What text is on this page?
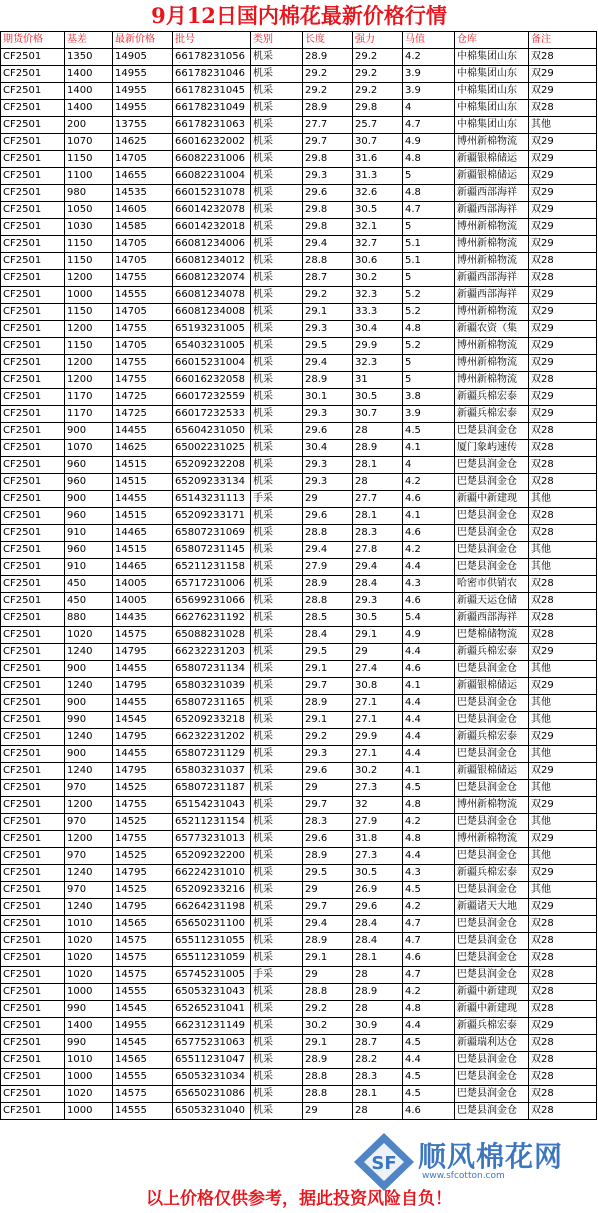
9月12日国内棉花最新价格行情
期货价格	基差	最新价格	批号	类别	长度	强力	马值	仓库	备注
CF2501	1350	14905	66178231056	机采	28.9	29.2	4.2	中棉集团山东	双28
CF2501	1400	14955	66178231046	机采	29.2	29.2	3.9	中棉集团山东	双29
CF2501	1400	14955	66178231045	机采	29.2	29.2	3.9	中棉集团山东	双29
CF2501	1400	14955	66178231049	机采	28.9	29.8	4	中棉集团山东	双28
CF2501	200	13755	66178231063	机采	27.7	25.7	4.7	中棉集团山东	其他
CF2501	1070	14625	66016232002	机采	29.7	30.7	4.9	博州新棉物流	双29
CF2501	1150	14705	66082231006	机采	29.8	31.6	4.8	新疆银棉储运	双29
CF2501	1100	14655	66082231004	机采	29.3	31.3	5	新疆银棉储运	双29
CF2501	980	14535	66015231078	机采	29.6	32.6	4.8	新疆西部海祥	双29
CF2501	1050	14605	66014232078	机采	29.8	30.5	4.7	新疆西部海祥	双29
CF2501	1030	14585	66014232018	机采	29.8	32.1	5	博州新棉物流	双29
CF2501	1150	14705	66081234006	机采	29.4	32.7	5.1	博州新棉物流	双29
CF2501	1150	14705	66081234012	机采	28.8	30.6	5.1	博州新棉物流	双28
CF2501	1200	14755	66081232074	机采	28.7	30.2	5	新疆西部海祥	双28
CF2501	1000	14555	66081234078	机采	29.2	32.3	5.2	新疆西部海祥	双29
CF2501	1150	14705	66081234008	机采	29.1	33.3	5.2	博州新棉物流	双29
CF2501	1200	14755	65193231005	机采	29.3	30.4	4.8	新疆农资（集	双29
CF2501	1150	14705	65403231005	机采	29.5	29.9	5.2	博州新棉物流	双29
CF2501	1200	14755	66015231004	机采	29.4	32.3	5	博州新棉物流	双29
CF2501	1200	14755	66016232058	机采	28.9	31	5	博州新棉物流	双28
CF2501	1170	14725	66017232559	机采	30.1	30.5	3.8	新疆兵棉宏泰	双29
CF2501	1170	14725	66017232533	机采	29.3	30.7	3.9	新疆兵棉宏泰	双29
CF2501	900	14455	65604231050	机采	29.6	28	4.5	巴楚县润金仓	双28
CF2501	1070	14625	65002231025	机采	30.4	28.9	4.1	厦门象屿速传	双28
CF2501	960	14515	65209232208	机采	29.3	28.1	4	巴楚县润金仓	双28
CF2501	960	14515	65209233134	机采	29.3	28	4.2	巴楚县润金仓	双28
CF2501	900	14455	65143231113	手采	29	27.7	4.6	新疆中新建现	其他
CF2501	960	14515	65209233171	机采	29.6	28.1	4.1	巴楚县润金仓	双28
CF2501	910	14465	65807231069	机采	28.8	28.3	4.6	巴楚县润金仓	双28
CF2501	960	14515	65807231145	机采	29.4	27.8	4.2	巴楚县润金仓	其他
CF2501	910	14465	65211231158	机采	27.9	29.4	4.4	巴楚县润金仓	其他
CF2501	450	14005	65717231006	机采	28.9	28.4	4.3	哈密市供销农	双28
CF2501	450	14005	65699231066	机采	28.8	29.3	4.6	新疆天运仓储	双28
CF2501	880	14435	66276231192	机采	28.5	30.5	5.4	新疆西部海祥	双28
CF2501	1020	14575	65088231028	机采	28.4	29.1	4.9	巴楚棉储物流	双28
CF2501	1240	14795	66232231203	机采	29.5	29	4.4	新疆兵棉宏泰	双29
CF2501	900	14455	65807231134	机采	29.1	27.4	4.6	巴楚县润金仓	其他
CF2501	1240	14795	65803231039	机采	29.7	30.8	4.1	新疆银棉储运	双29
CF2501	900	14455	65807231165	机采	28.9	27.1	4.4	巴楚县润金仓	其他
CF2501	990	14545	65209233218	机采	29.1	27.1	4.4	巴楚县润金仓	其他
CF2501	1240	14795	66232231202	机采	29.2	29.9	4.4	新疆兵棉宏泰	双29
CF2501	900	14455	65807231129	机采	29.3	27.1	4.4	巴楚县润金仓	其他
CF2501	1240	14795	65803231037	机采	29.6	30.2	4.1	新疆银棉储运	双29
CF2501	970	14525	65807231187	机采	29	27.3	4.5	巴楚县润金仓	其他
CF2501	1200	14755	65154231043	机采	29.7	32	4.8	博州新棉物流	双29
CF2501	970	14525	65211231154	机采	28.3	27.9	4.2	巴楚县润金仓	其他
CF2501	1200	14755	65773231013	机采	29.6	31.8	4.8	博州新棉物流	双29
CF2501	970	14525	65209232200	机采	28.9	27.3	4.4	巴楚县润金仓	其他
CF2501	1240	14795	66224231010	机采	29.5	30.5	4.3	新疆兵棉宏泰	双29
CF2501	970	14525	65209233216	机采	29	26.9	4.5	巴楚县润金仓	其他
CF2501	1240	14795	66264231198	机采	29.7	29.6	4.2	新疆诸天大地	双29
CF2501	1010	14565	65650231100	机采	29.4	28.4	4.7	巴楚县润金仓	双28
CF2501	1020	14575	65511231055	机采	28.9	28.4	4.7	巴楚县润金仓	双28
CF2501	1020	14575	65511231059	机采	29.1	28.1	4.6	巴楚县润金仓	双28
CF2501	1020	14575	65745231005	手采	29	28	4.7	巴楚县润金仓	双28
CF2501	1000	14555	65053231043	机采	28.8	28.9	4.2	新疆中新建现	双28
CF2501	990	14545	65265231041	机采	29.2	28	4.8	新疆中新建现	双28
CF2501	1400	14955	66231231149	机采	30.2	30.9	4.4	新疆兵棉宏泰	双29
CF2501	990	14545	65775231063	机采	29.1	28.7	4.5	新疆瑞利达仓	双28
CF2501	1010	14565	65511231047	机采	28.9	28.2	4.4	巴楚县润金仓	双28
CF2501	1000	14555	65053231034	机采	28.8	28.3	4.5	巴楚县润金仓	双28
CF2501	1020	14575	65650231086	机采	28.8	28.1	4.5	巴楚县润金仓	双28
CF2501	1000	14555	65053231040	机采	29	28	4.6	巴楚县润金仓	双28
SF 顺风棉花网
www.sfcotton.com
以上价格仅供参考，据此投资风险自负！
